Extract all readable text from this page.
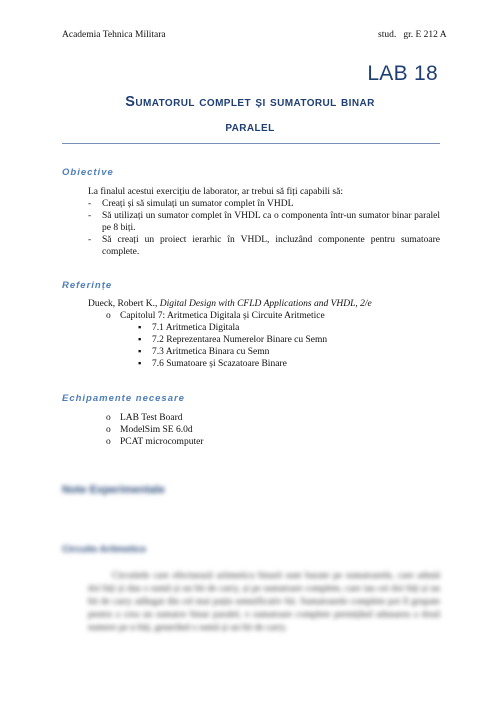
Academia Tehnica Militara	stud.   gr. E 212 A
LAB 18
Sumatorul complet și sumatorul binar
paralel
Obiective
La finalul acestui exercițiu de laborator, ar trebui să fiți capabili să:
- Creați și să simulați un sumator complet în VHDL
- Să utilizați un sumator complet în VHDL ca o componenta într-un sumator binar paralel pe 8 biți.
- Să creați un proiect ierarhic în VHDL, incluzând componente pentru sumatoare complete.
Referințe
Dueck, Robert K., Digital Design with CFLD Applications and VHDL, 2/e
o Capitolul 7: Aritmetica Digitala și Circuite Aritmetice
▪ 7.1 Aritmetica Digitala
▪ 7.2 Reprezentarea Numerelor Binare cu Semn
▪ 7.3 Aritmetica Binara cu Semn
▪ 7.6 Sumatoare și Scazatoare Binare
Echipamente necesare
o LAB Test Board
o ModelSim SE 6.0d
o PCAT microcomputer
Note Experimentale
Circuite Aritmetice
Circuitele care efectuează aritmetica binară sunt bazate pe sumatoarele, care adună doi biți și dau o sumă și un bit de carry, și pe sumatoare complete, care iau cei doi biți și un bit de carry adăugat din cel mai puțin semnificativ bit. Sumatoarele complete pot fi grupate pentru a crea un sumator binar paralel, o sumatoare complete permițând adunarea a două numere pe n biți, generând o sumă și un bit de carry.
